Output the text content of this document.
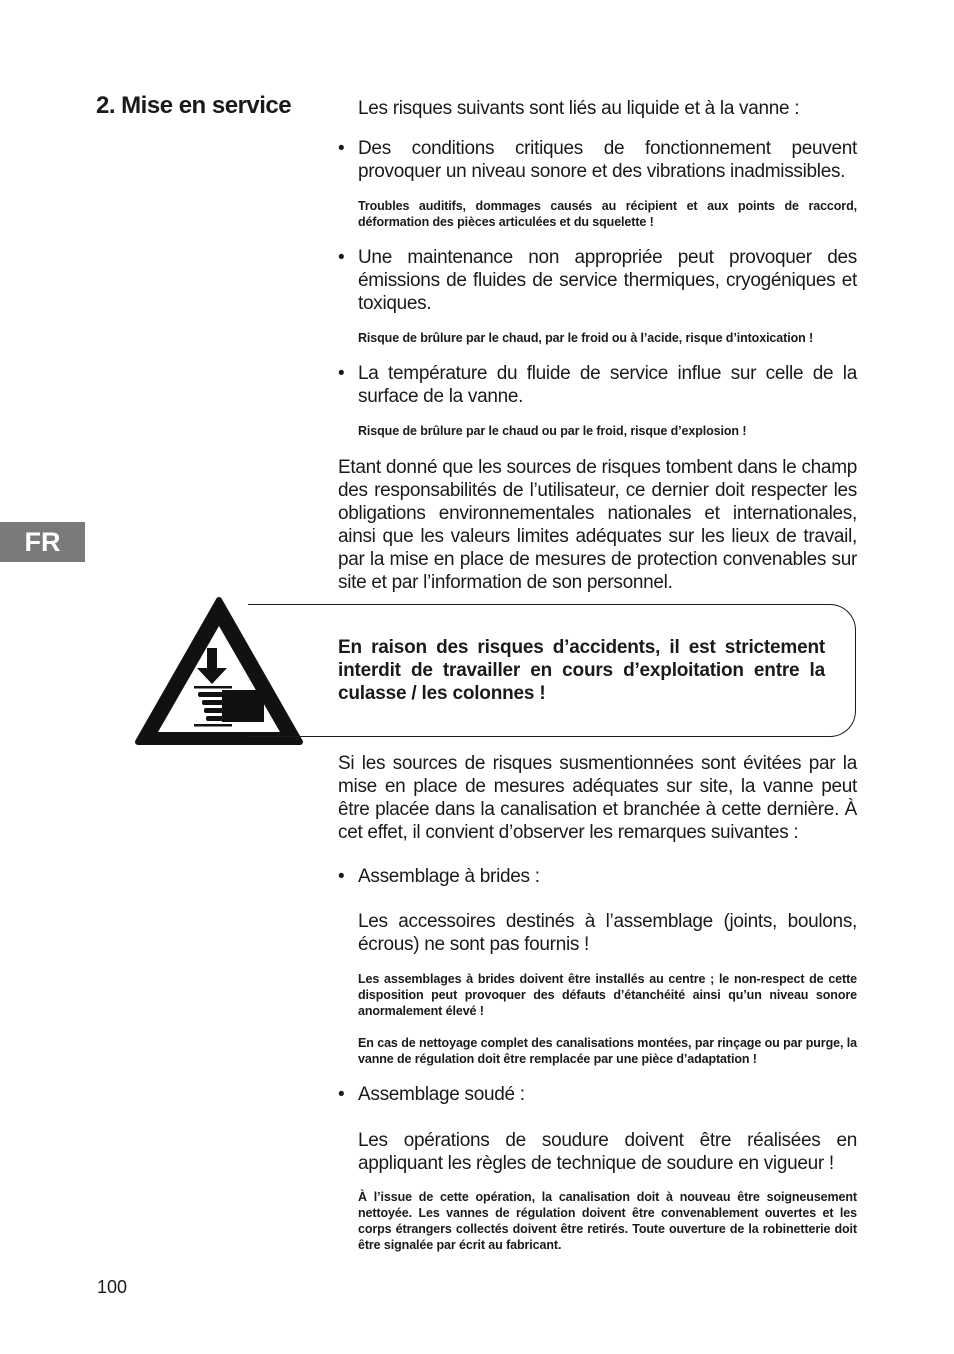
2. Mise en service
FR
Les risques suivants sont liés au liquide et à la vanne :
• Des conditions critiques de fonctionnement peuvent provoquer un niveau sonore et des vibrations inadmissibles.
Troubles auditifs, dommages causés au récipient et aux points de raccord, déformation des pièces articulées et du squelette !
• Une maintenance non appropriée peut provoquer des émissions de fluides de service thermiques, cryogéniques et toxiques.
Risque de brûlure par le chaud, par le froid ou à l’acide, risque d’intoxication !
• La température du fluide de service influe sur celle de la surface de la vanne.
Risque de brûlure par le chaud ou par le froid, risque d’explosion !
Etant donné que les sources de risques tombent dans le champ des responsabilités de l’utilisateur, ce dernier doit respecter les obligations environnementales nationales et internationales, ainsi que les valeurs limites adéquates sur les lieux de travail, par la mise en place de mesures de protection convenables sur site et par l’information de son personnel.
En raison des risques d’accidents, il est strictement interdit de travailler en cours d’exploitation entre la culasse / les colonnes !
Si les sources de risques susmentionnées sont évitées par la mise en place de mesures adéquates sur site, la vanne peut être placée dans la canalisation et branchée à cette dernière. À cet effet, il convient d’observer les remarques suivantes :
• Assemblage à brides :
Les accessoires destinés à l’assemblage (joints, boulons, écrous) ne sont pas fournis !
Les assemblages à brides doivent être installés au centre ; le non-respect de cette disposition peut provoquer des défauts d’étanchéité ainsi qu’un niveau sonore anormalement élevé !
En cas de nettoyage complet des canalisations montées, par rinçage ou par purge, la vanne de régulation doit être remplacée par une pièce d’adaptation !
• Assemblage soudé :
Les opérations de soudure doivent être réalisées en appliquant les règles de technique de soudure en vigueur !
À l’issue de cette opération, la canalisation doit à nouveau être soigneusement nettoyée. Les vannes de régulation doivent être convenablement ouvertes et les corps étrangers collectés doivent être retirés. Toute ouverture de la robinetterie doit être signalée par écrit au fabricant.
100
